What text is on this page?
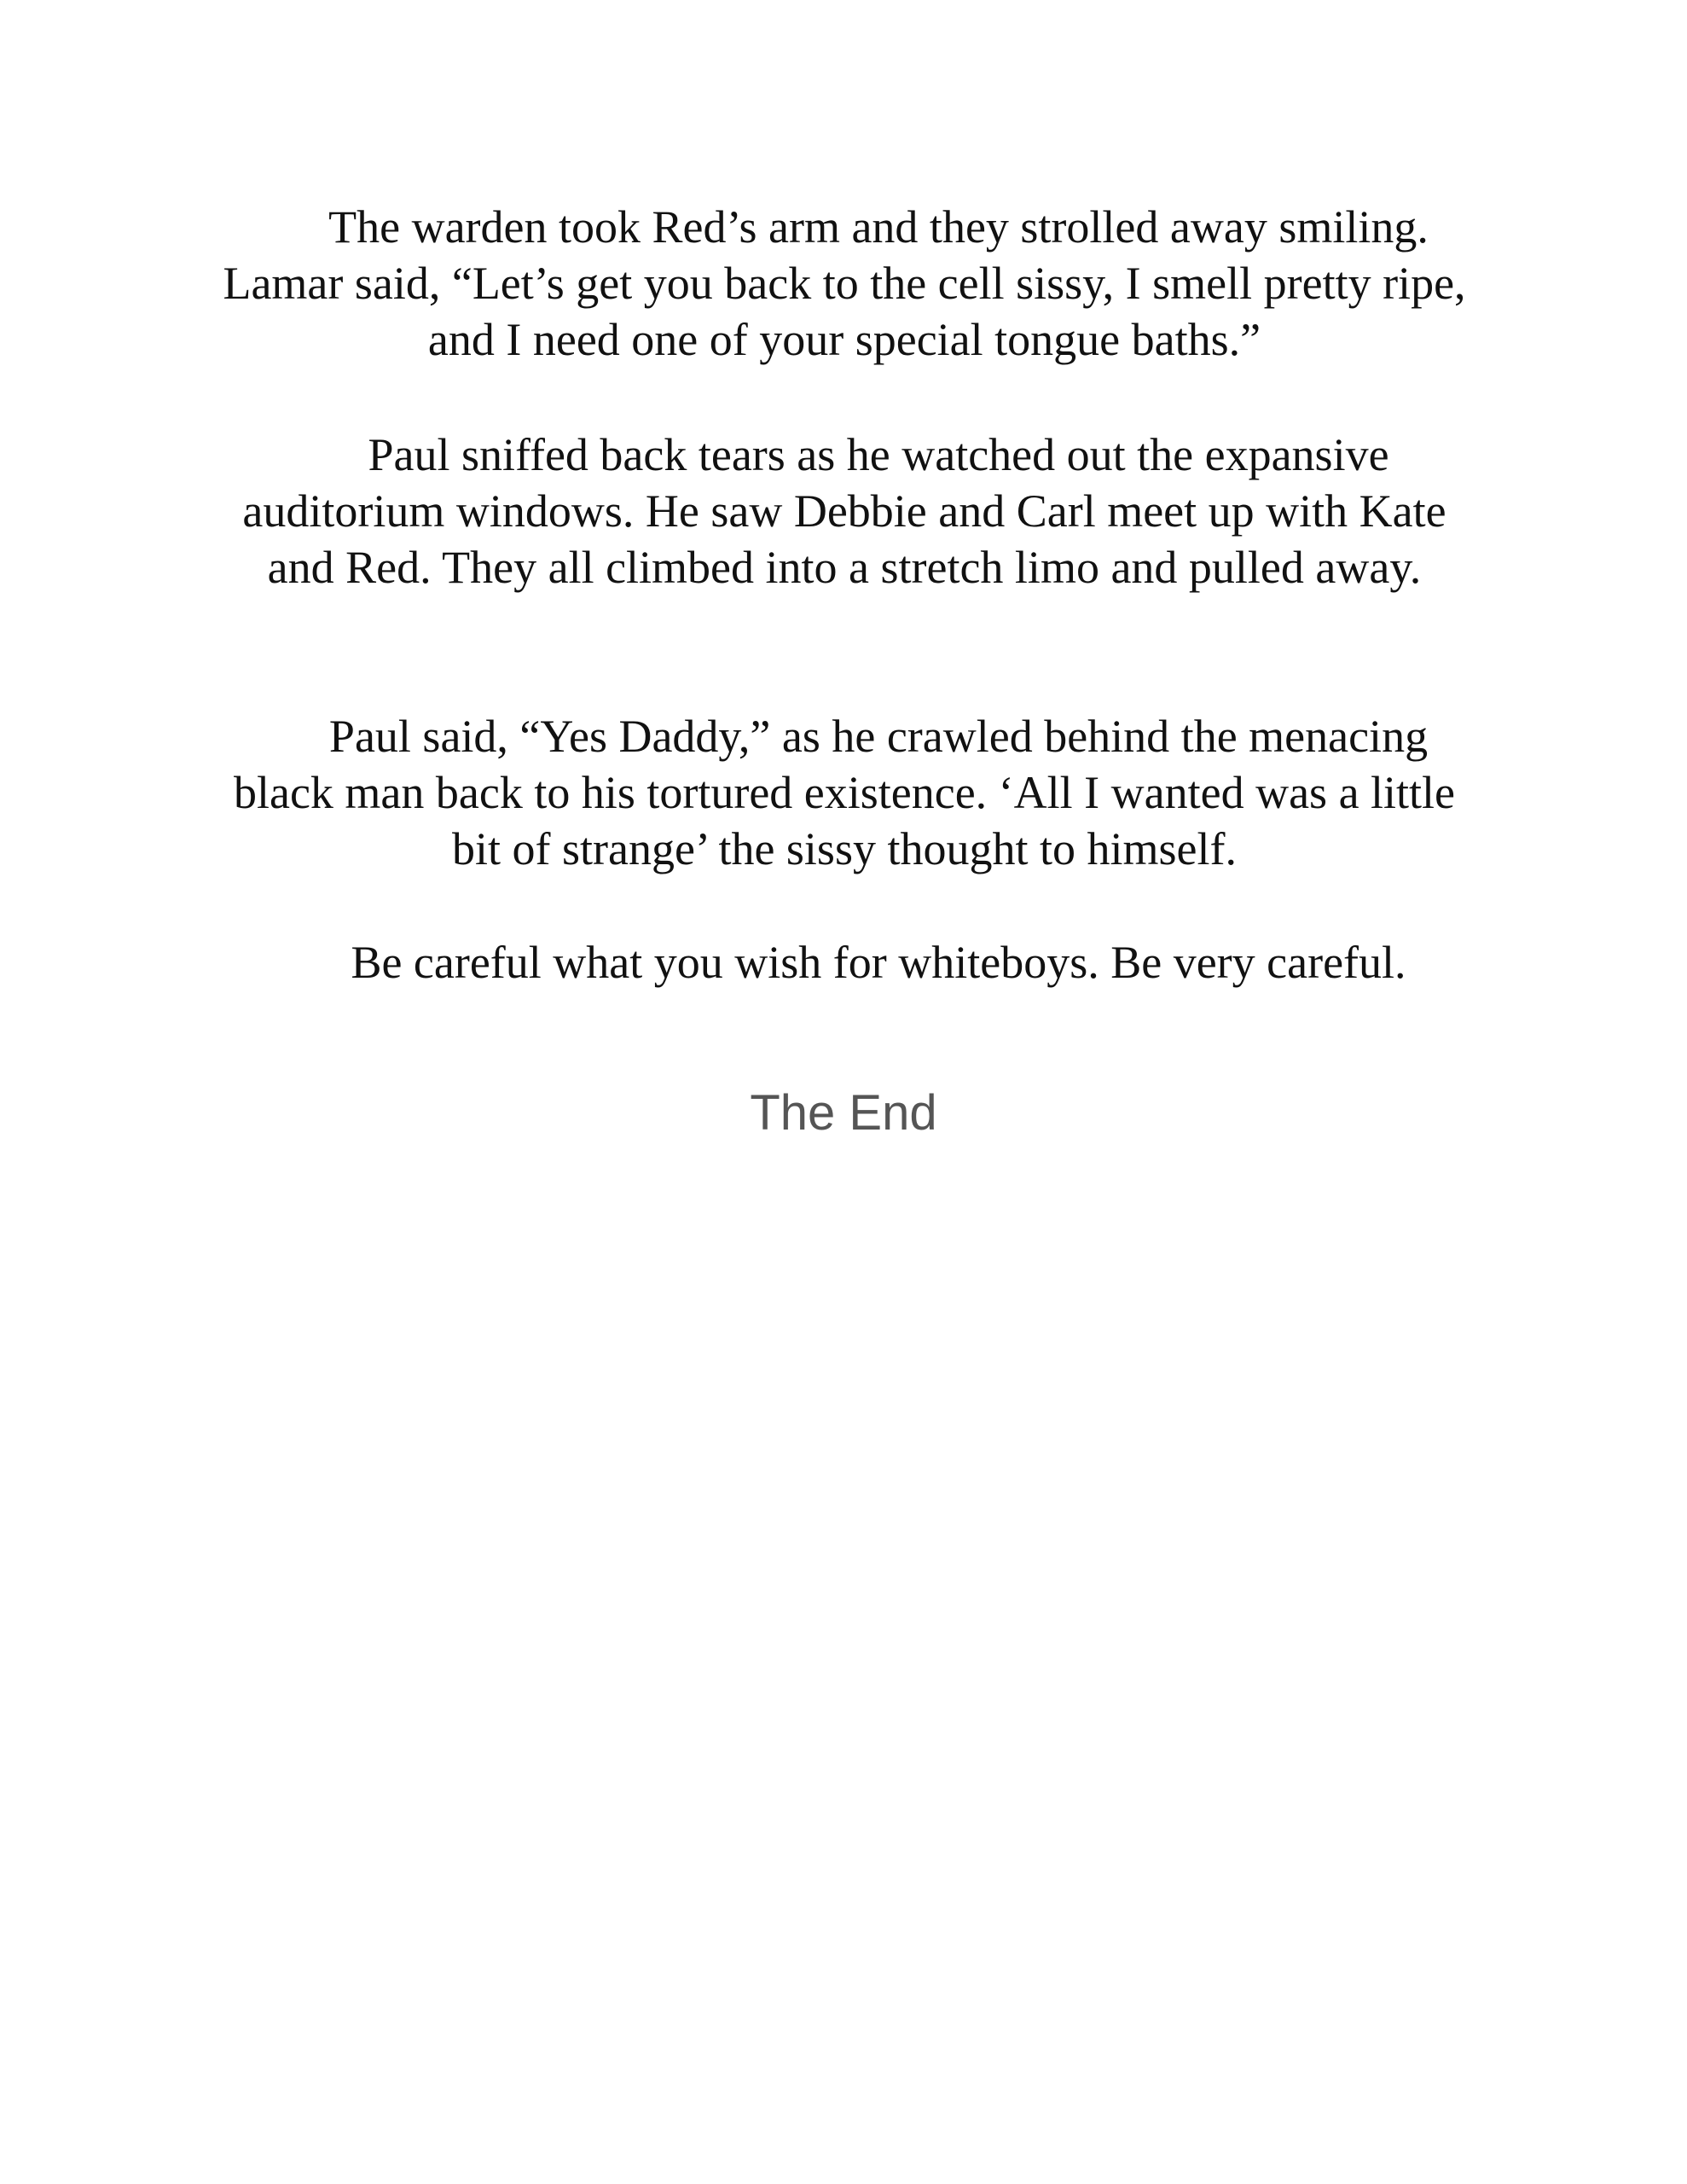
The warden took Red’s arm and they strolled away smiling. Lamar said, “Let’s get you back to the cell sissy, I smell pretty ripe, and I need one of your special tongue baths.”

Paul sniffed back tears as he watched out the expansive auditorium windows. He saw Debbie and Carl meet up with Kate and Red. They all climbed into a stretch limo and pulled away.

Paul said, “Yes Daddy,” as he crawled behind the menacing black man back to his tortured existence. ‘All I wanted was a little bit of strange’ the sissy thought to himself.

Be careful what you wish for whiteboys. Be very careful.

The End
